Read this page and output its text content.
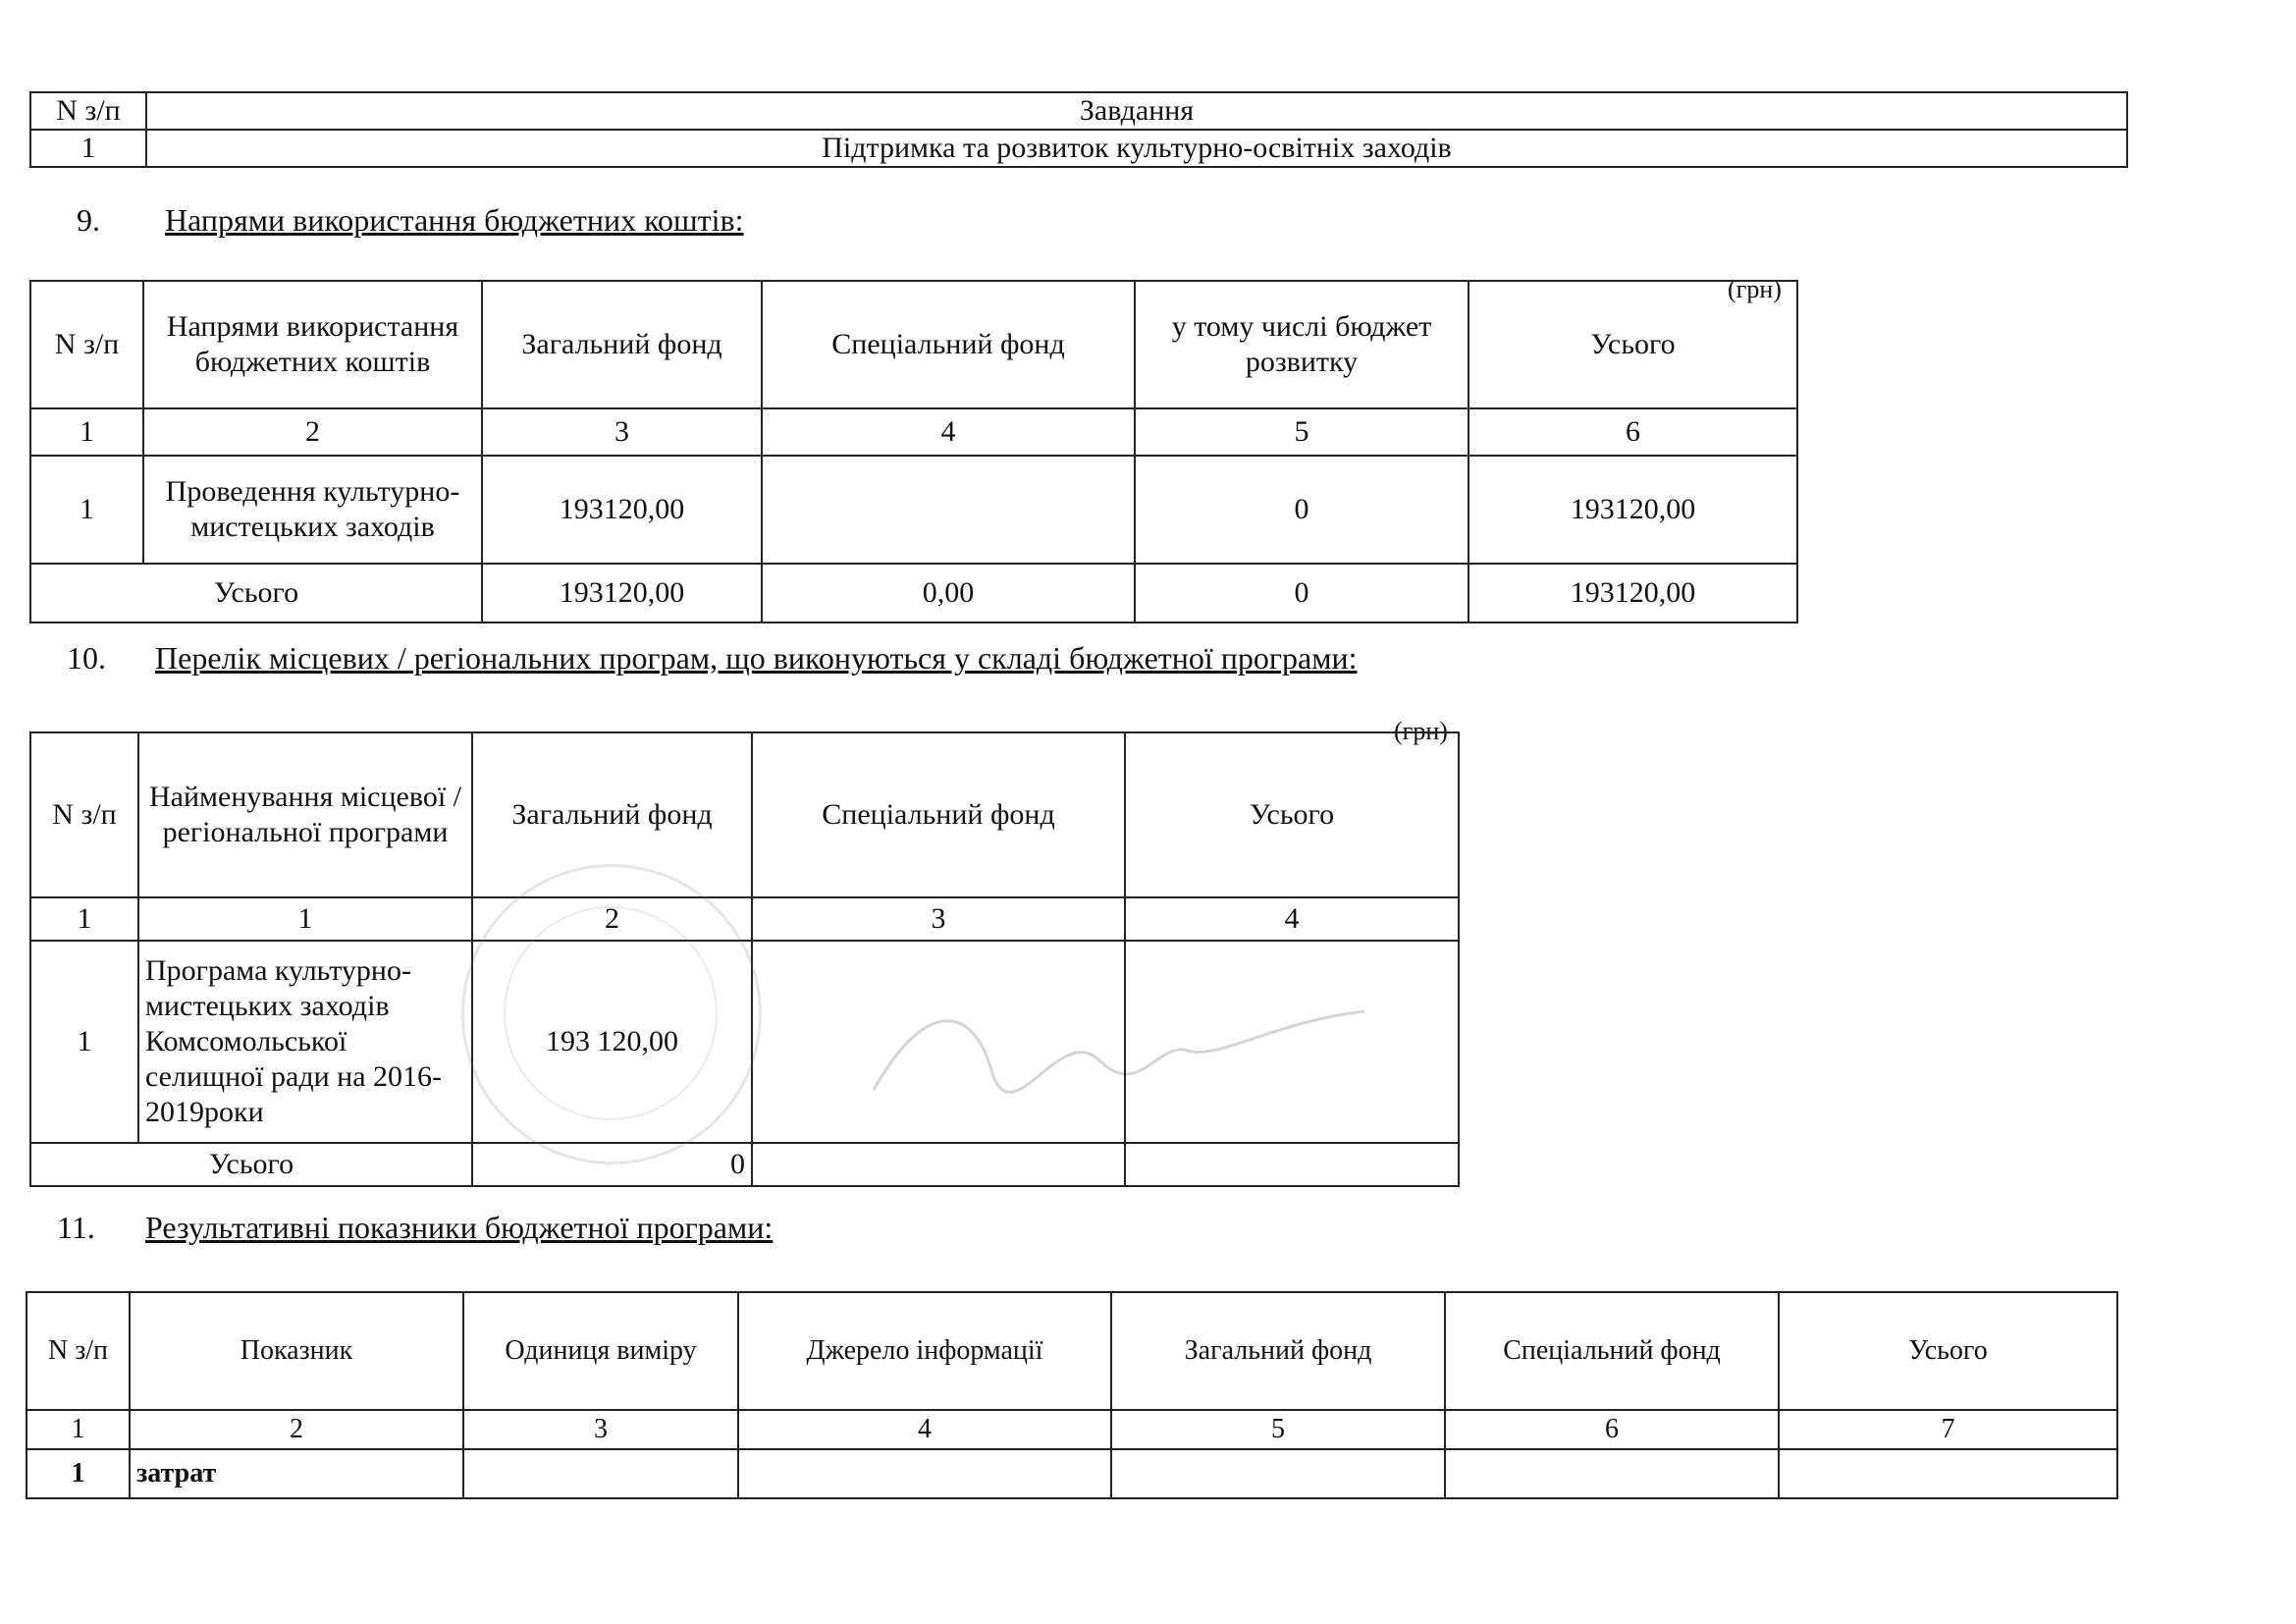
N з/п	Завдання
1	Підтримка та розвиток культурно-освітніх заходів
9. Напрями використання бюджетних коштів:
(грн)
N з/п	Напрями використання бюджетних коштів	Загальний фонд	Спеціальний фонд	у тому числі бюджет розвитку	Усього
1	2	3	4	5	6
1	Проведення культурно-мистецьких заходів	193120,00		0	193120,00
Усього		193120,00	0,00	0	193120,00
10. Перелік місцевих / регіональних програм, що виконуються у складі бюджетної програми:
(грн)
N з/п	Найменування місцевої / регіональної програми	Загальний фонд	Спеціальний фонд	Усього
1	1	2	3	4
1	Програма культурно-мистецьких заходів Комсомольської селищної ради на 2016-2019роки	193 120,00		
Усього		0		
11. Результативні показники бюджетної програми:
N з/п	Показник	Одиниця виміру	Джерело інформації	Загальний фонд	Спеціальний фонд	Усього
1	2	3	4	5	6	7
1	затрат					
